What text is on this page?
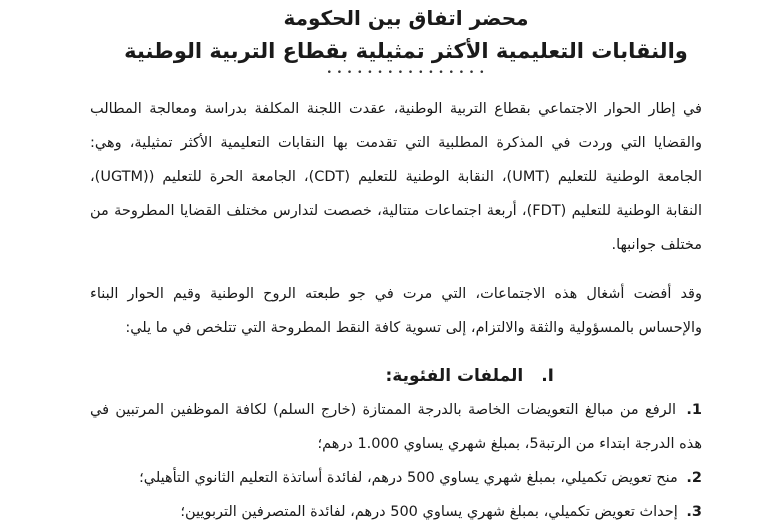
محضر اتفاق بين الحكومة
والنقابات التعليمية الأكثر تمثيلية بقطاع التربية الوطنية
• • • • • • • • • • • • • • • •

في إطار الحوار الاجتماعي بقطاع التربية الوطنية، عقدت اللجنة المكلفة بدراسة ومعالجة المطالب والقضايا التي وردت في المذكرة المطلبية التي تقدمت بها النقابات التعليمية الأكثر تمثيلية، وهي: الجامعة الوطنية للتعليم (UMT)، النقابة الوطنية للتعليم (CDT)، الجامعة الحرة للتعليم ((UGTM)، النقابة الوطنية للتعليم (FDT)، أربعة اجتماعات متتالية، خصصت لتدارس مختلف القضايا المطروحة من مختلف جوانبها.

وقد أفضت أشغال هذه الاجتماعات، التي مرت في جو طبعته الروح الوطنية وقيم الحوار البناء والإحساس بالمسؤولية والثقة والالتزام، إلى تسوية كافة النقط المطروحة التي تتلخص في ما يلي:

I.الملفات الفئوية:
1. الرفع من مبالغ التعويضات الخاصة بالدرجة الممتازة (خارج السلم) لكافة الموظفين المرتبين في هذه الدرجة ابتداء من الرتبة5، بمبلغ شهري يساوي 1.000 درهم؛
2. منح تعويض تكميلي، بمبلغ شهري يساوي 500 درهم، لفائدة أساتذة التعليم الثانوي التأهيلي؛
3. إحداث تعويض تكميلي، بمبلغ شهري يساوي 500 درهم، لفائدة المتصرفين التربويين؛
